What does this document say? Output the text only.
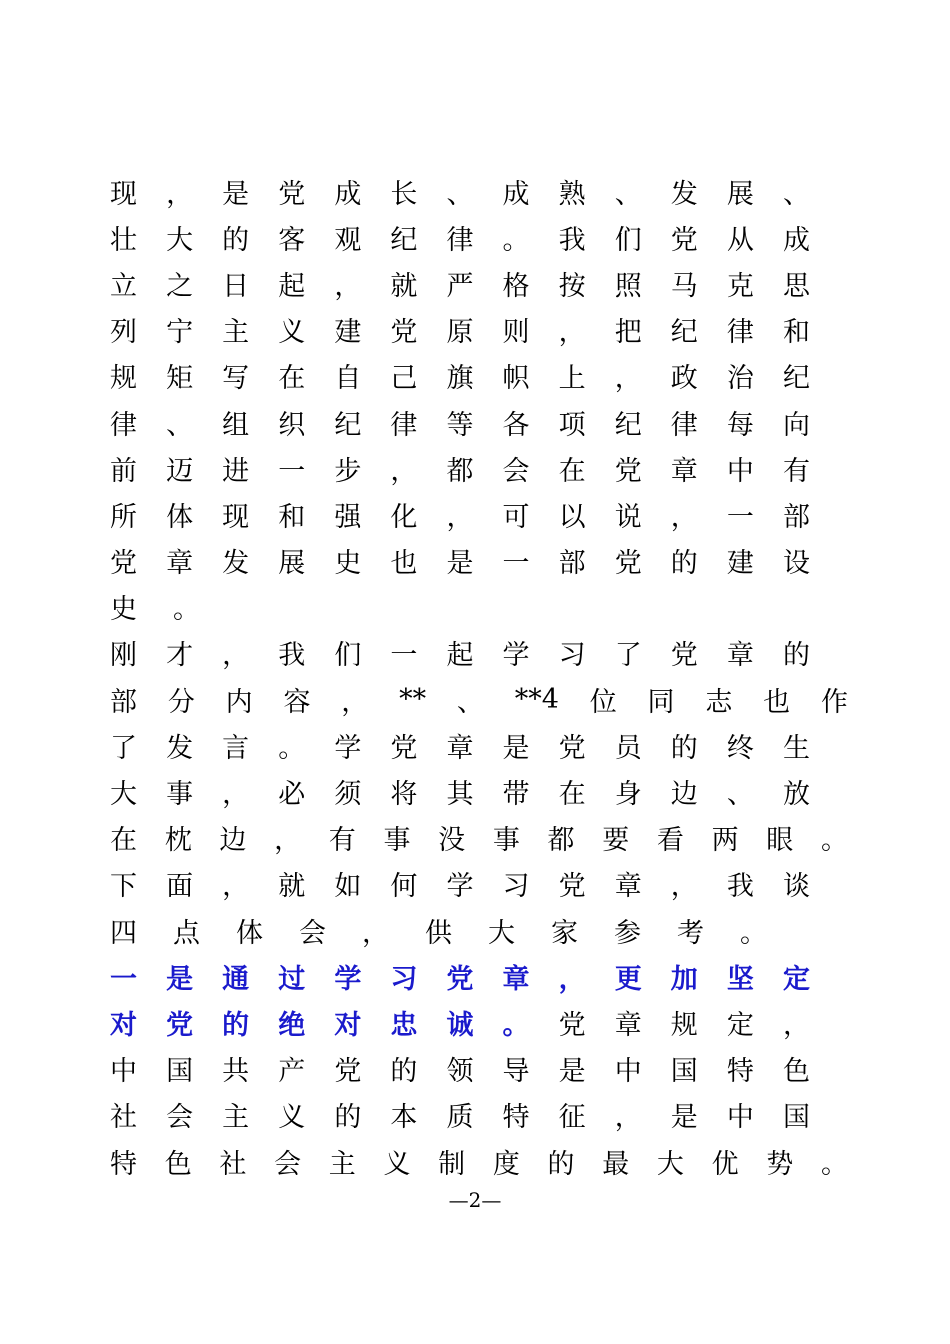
现 ， 是 党 成 长 、 成 熟 、 发 展 、
壮 大 的 客 观 纪 律 。 我 们 党 从 成
立 之 日 起 ， 就 严 格 按 照 马 克 思
列 宁 主 义 建 党 原 则 ， 把 纪 律 和
规 矩 写 在 自 己 旗 帜 上 ， 政 治 纪
律 、 组 织 纪 律 等 各 项 纪 律 每 向
前 迈 进 一 步 ， 都 会 在 党 章 中 有
所 体 现 和 强 化 ， 可 以 说 ， 一 部
党 章 发 展 史 也 是 一 部 党 的 建 设
史 。
刚 才 ， 我 们 一 起 学 习 了 党 章 的
部 分 内 容 ， ** 、 **4 位 同 志 也 作
了 发 言 。 学 党 章 是 党 员 的 终 生
大 事 ， 必 须 将 其 带 在 身 边 、 放
在 枕 边 ， 有 事 没 事 都 要 看 两 眼 。
下 面 ， 就 如 何 学 习 党 章 ， 我 谈
四 点 体 会 ， 供 大 家 参 考 。
一 是 通 过 学 习 党 章 ， 更 加 坚 定
对 党 的 绝 对 忠 诚 。 党 章 规 定 ，
中 国 共 产 党 的 领 导 是 中 国 特 色
社 会 主 义 的 本 质 特 征 ， 是 中 国
特 色 社 会 主 义 制 度 的 最 大 优 势 。
—2—
